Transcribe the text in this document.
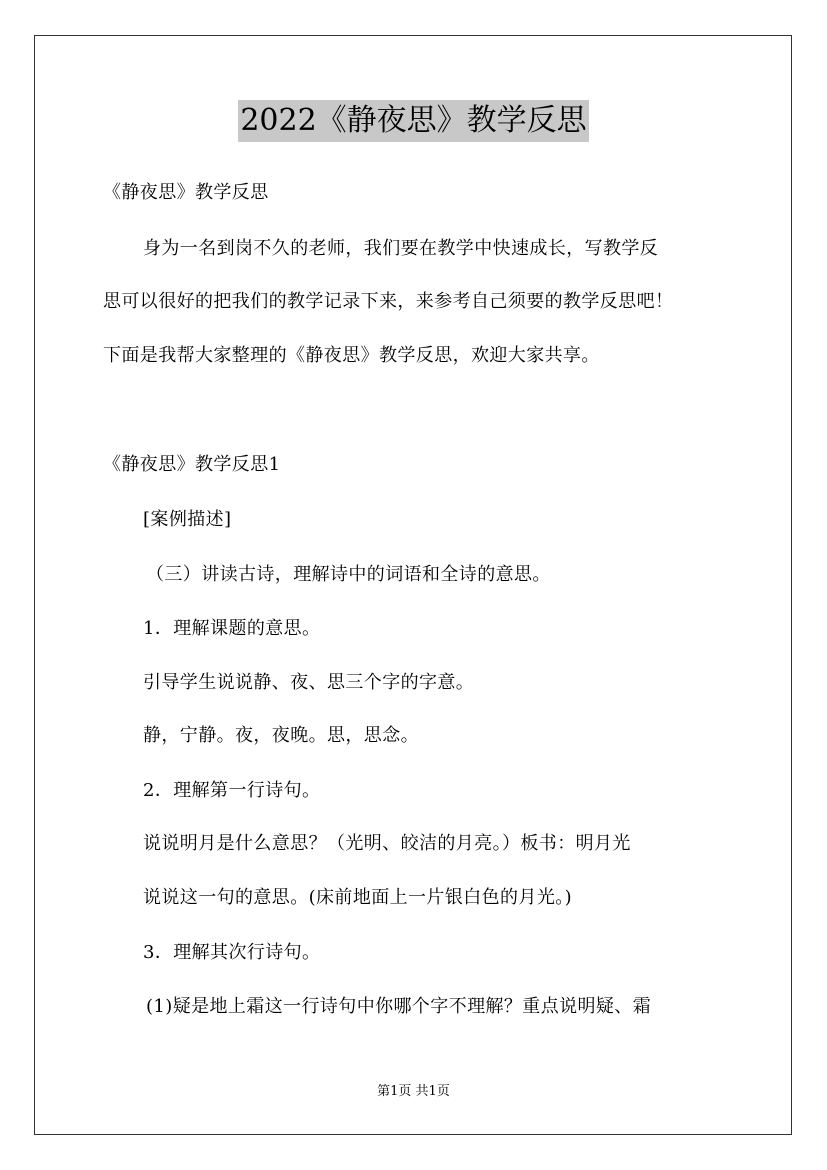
2022《静夜思》教学反思
《静夜思》教学反思
身为一名到岗不久的老师，我们要在教学中快速成长，写教学反
思可以很好的把我们的教学记录下来，来参考自己须要的教学反思吧！
下面是我帮大家整理的《静夜思》教学反思，欢迎大家共享。
《静夜思》教学反思1
[案例描述]
（三）讲读古诗，理解诗中的词语和全诗的意思。
1．理解课题的意思。
引导学生说说静、夜、思三个字的字意。
静，宁静。夜，夜晚。思，思念。
2．理解第一行诗句。
说说明月是什么意思？（光明、皎洁的月亮。）板书：明月光
说说这一句的意思。(床前地面上一片银白色的月光。)
3．理解其次行诗句。
(1)疑是地上霜这一行诗句中你哪个字不理解？重点说明疑、霜
第1页 共1页
